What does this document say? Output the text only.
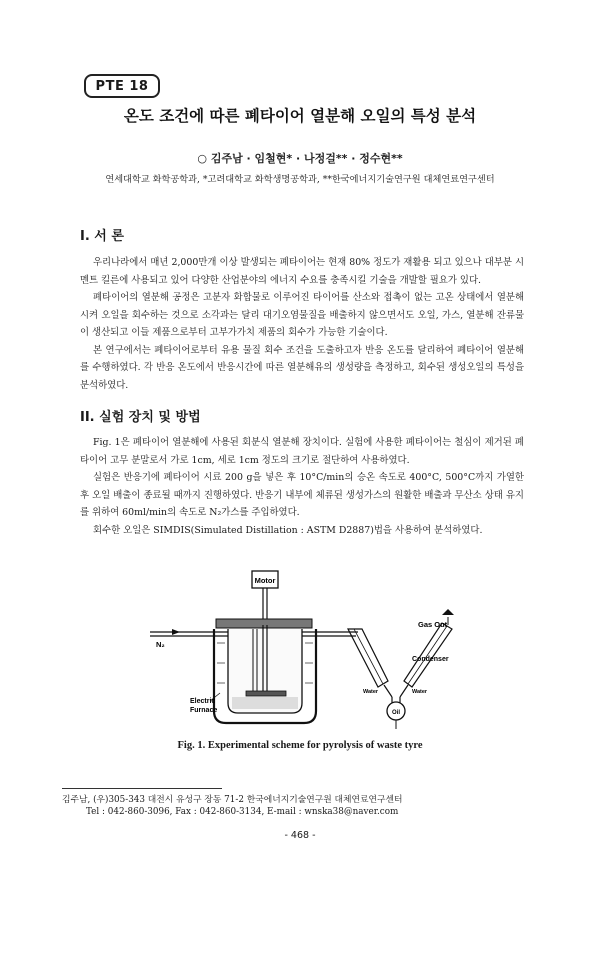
PTE 18
온도 조건에 따른 폐타이어 열분해 오일의 특성 분석
○ 김주남 · 임철현* · 나정걸** · 정수현**
연세대학교 화학공학과, *고려대학교 화학생명공학과, **한국에너지기술연구원 대체연료연구센터
I. 서 론

우리나라에서 매년 2,000만개 이상 발생되는 폐타이어는 현재 80% 정도가 재활용 되고 있으나 대부분 시멘트 킬른에 사용되고 있어 다양한 산업분야의 에너지 수요를 충족시킬 기술을 개발할 필요가 있다.

폐타이어의 열분해 공정은 고분자 화합물로 이루어진 타이어를 산소와 접촉이 없는 고온 상태에서 열분해시켜 오일을 회수하는 것으로 소각과는 달리 대기오염물질을 배출하지 않으면서도 오일, 가스, 열분해 잔류물이 생산되고 이들 제품으로부터 고부가가치 제품의 회수가 가능한 기술이다.

본 연구에서는 폐타이어로부터 유용 물질 회수 조건을 도출하고자 반응 온도를 달리하여 폐타이어 열분해를 수행하였다. 각 반응 온도에서 반응시간에 따른 열분해유의 생성량을 측정하고, 회수된 생성오일의 특성을 분석하였다.

II. 실험 장치 및 방법

Fig. 1은 폐타이어 열분해에 사용된 회분식 열분해 장치이다. 실험에 사용한 폐타이어는 철심이 제거된 폐타이어 고무 분말로서 가로 1cm, 세로 1cm 정도의 크기로 절단하여 사용하였다.

실험은 반응기에 폐타이어 시료 200 g을 넣은 후 10°C/min의 승온 속도로 400°C, 500°C까지 가열한 후 오일 배출이 종료될 때까지 진행하였다. 반응기 내부에 체류된 생성가스의 원활한 배출과 무산소 상태 유지를 위하여 60ml/min의 속도로 N₂가스를 주입하였다.

회수한 오일은 SIMDIS(Simulated Distillation : ASTM D2887)법을 사용하여 분석하였다.

Motor
N₂
Electric
Furnace	Oil
Water	Water
Gas Out
Condenser
Fig. 1. Experimental scheme for pyrolysis of waste tyre
김주남, (우)305-343 대전시 유성구 장동 71-2 한국에너지기술연구원 대체연료연구센터
Tel : 042-860-3096, Fax : 042-860-3134, E-mail : wnska38@naver.com
- 468 -
